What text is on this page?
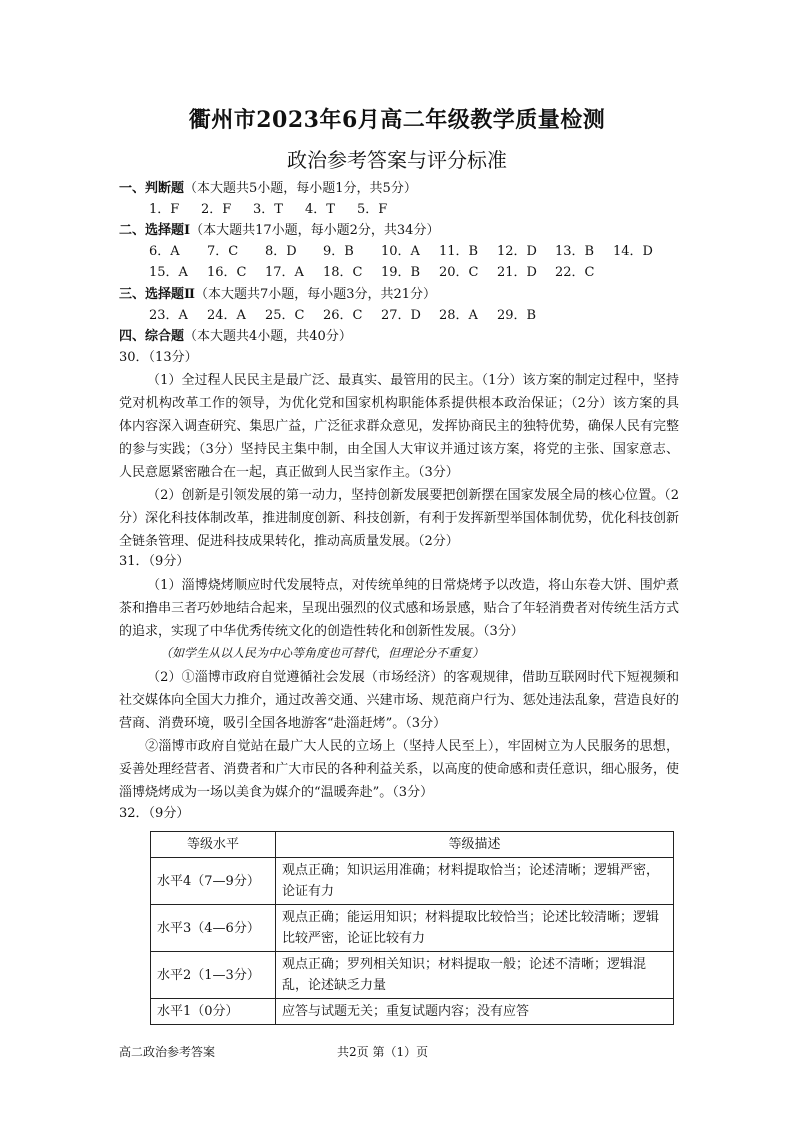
衢州市2023年6月高二年级教学质量检测
政治参考答案与评分标准
一、判断题（本大题共5小题，每小题1分，共5分）
1．F 2．F 3．T 4．T 5．F
二、选择题Ⅰ（本大题共17小题，每小题2分，共34分）
6．A 7．C 8．D 9．B 10．A 11．B 12．D 13．B 14．D
15．A 16．C 17．A 18．C 19．B 20．C 21．D 22．C
三、选择题Ⅱ（本大题共7小题，每小题3分，共21分）
23．A 24．A 25．C 26．C 27．D 28．A 29．B
四、综合题（本大题共4小题，共40分）
30．（13分）
（1）全过程人民民主是最广泛、最真实、最管用的民主。（1分）该方案的制定过程中，坚持党对机构改革工作的领导，为优化党和国家机构职能体系提供根本政治保证；（2分）该方案的具体内容深入调查研究、集思广益，广泛征求群众意见，发挥协商民主的独特优势，确保人民有完整的参与实践；（3分）坚持民主集中制，由全国人大审议并通过该方案，将党的主张、国家意志、人民意愿紧密融合在一起，真正做到人民当家作主。（3分）
（2）创新是引领发展的第一动力，坚持创新发展要把创新摆在国家发展全局的核心位置。（2分）深化科技体制改革，推进制度创新、科技创新，有利于发挥新型举国体制优势，优化科技创新全链条管理、促进科技成果转化，推动高质量发展。（2分）
31．（9分）
（1）淄博烧烤顺应时代发展特点，对传统单纯的日常烧烤予以改造，将山东卷大饼、围炉煮茶和撸串三者巧妙地结合起来，呈现出强烈的仪式感和场景感，贴合了年轻消费者对传统生活方式的追求，实现了中华优秀传统文化的创造性转化和创新性发展。（3分）
（如学生从以人民为中心等角度也可替代，但理论分不重复）
（2）①淄博市政府自觉遵循社会发展（市场经济）的客观规律，借助互联网时代下短视频和社交媒体向全国大力推介，通过改善交通、兴建市场、规范商户行为、惩处违法乱象，营造良好的营商、消费环境，吸引全国各地游客“赴淄赶烤”。（3分）
②淄博市政府自觉站在最广大人民的立场上（坚持人民至上），牢固树立为人民服务的思想，妥善处理经营者、消费者和广大市民的各种利益关系，以高度的使命感和责任意识，细心服务，使淄博烧烤成为一场以美食为媒介的“温暖奔赴”。（3分）
32．（9分）
等级水平	等级描述
水平4（7—9分）	观点正确；知识运用准确；材料提取恰当；论述清晰；逻辑严密，论证有力
水平3（4—6分）	观点正确；能运用知识；材料提取比较恰当；论述比较清晰；逻辑比较严密，论证比较有力
水平2（1—3分）	观点正确；罗列相关知识；材料提取一般；论述不清晰；逻辑混乱，论述缺乏力量
水平1（0分）	应答与试题无关；重复试题内容；没有应答
高二政治参考答案	共2页 第（1）页
